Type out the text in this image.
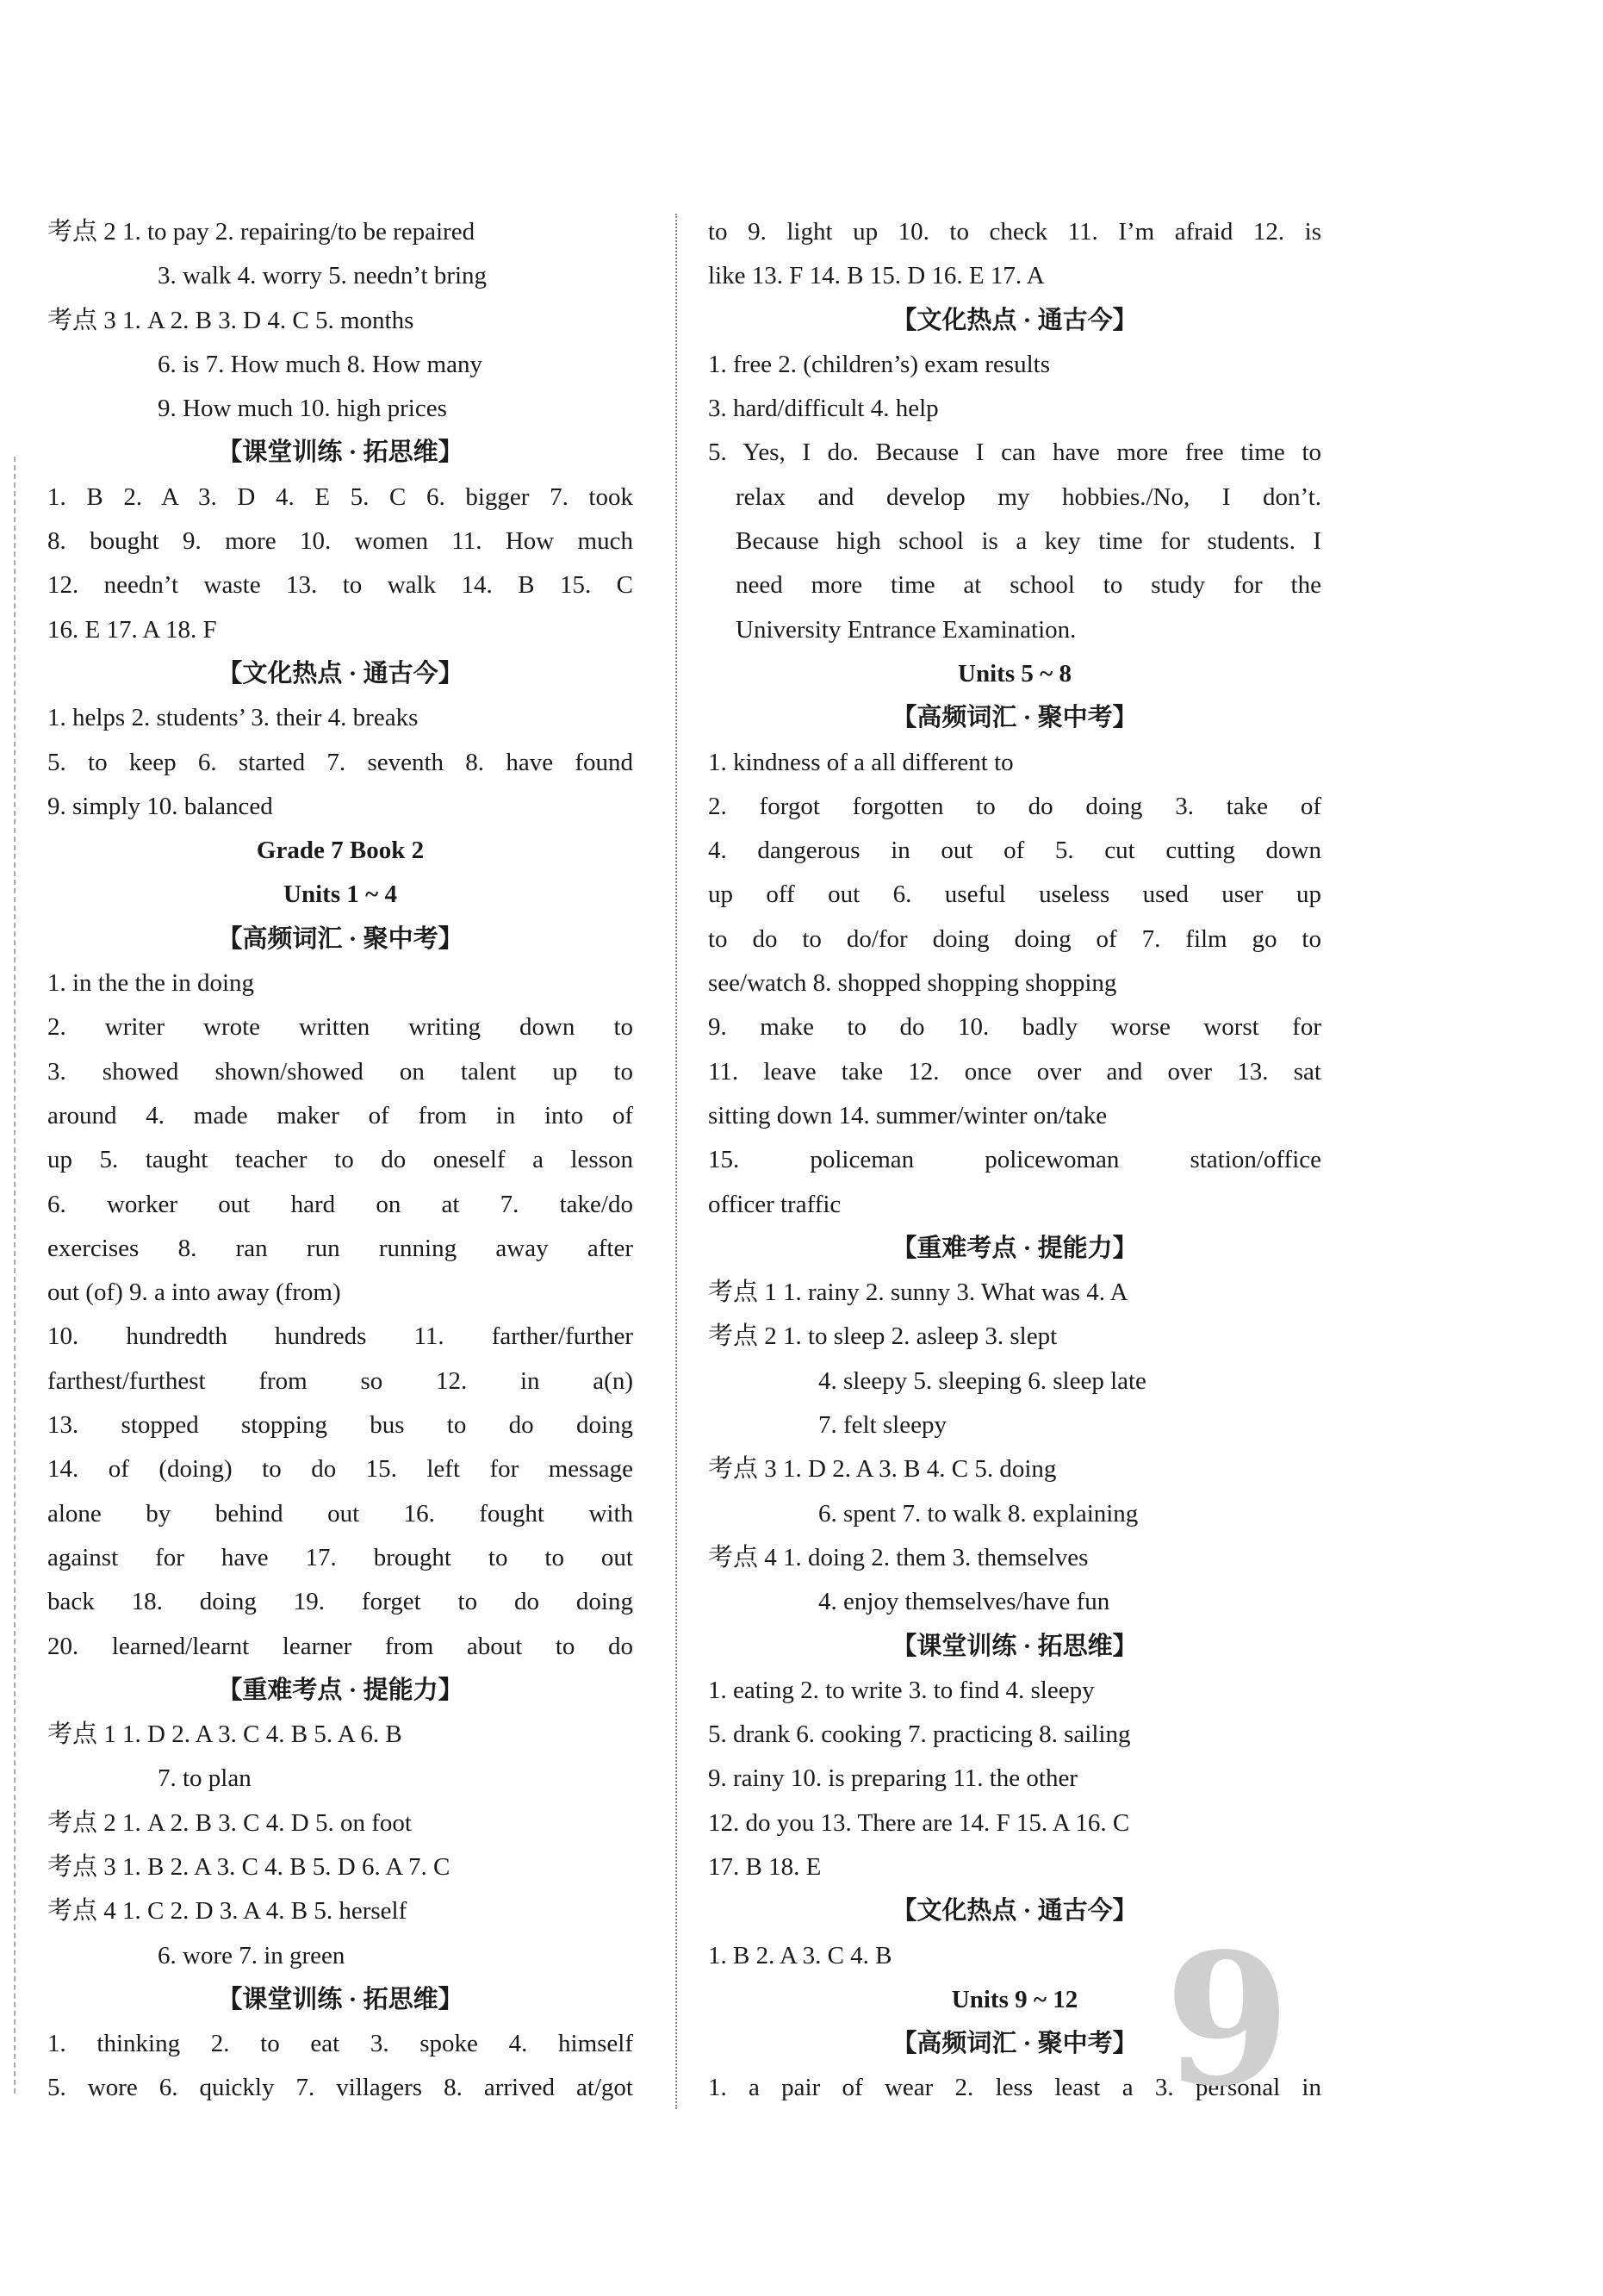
考点 2 1. to pay 2. repairing/to be repaired
3. walk 4. worry 5. needn’t bring
考点 3 1. A 2. B 3. D 4. C 5. months
6. is 7. How much 8. How many
9. How much 10. high prices
【课堂训练 · 拓思维】
1. B 2. A 3. D 4. E 5. C 6. bigger 7. took
8. bought 9. more 10. women 11. How much
12. needn’t waste 13. to walk 14. B 15. C
16. E 17. A 18. F
【文化热点 · 通古今】
1. helps 2. students’ 3. their 4. breaks
5. to keep 6. started 7. seventh 8. have found
9. simply 10. balanced
Grade 7 Book 2
Units 1 ~ 4
【高频词汇 · 聚中考】
1. in the the in doing
2. writer wrote written writing down to
3. showed shown/showed on talent up to
around 4. made maker of from in into of
up 5. taught teacher to do oneself a lesson
6. worker out hard on at 7. take/do
exercises 8. ran run running away after
out (of) 9. a into away (from)
10. hundredth hundreds 11. farther/further
farthest/furthest from so 12. in a(n)
13. stopped stopping bus to do doing
14. of (doing) to do 15. left for message
alone by behind out 16. fought with
against for have 17. brought to to out
back 18. doing 19. forget to do doing
20. learned/learnt learner from about to do
【重难考点 · 提能力】
考点 1 1. D 2. A 3. C 4. B 5. A 6. B
7. to plan
考点 2 1. A 2. B 3. C 4. D 5. on foot
考点 3 1. B 2. A 3. C 4. B 5. D 6. A 7. C
考点 4 1. C 2. D 3. A 4. B 5. herself
6. wore 7. in green
【课堂训练 · 拓思维】
1. thinking 2. to eat 3. spoke 4. himself
5. wore 6. quickly 7. villagers 8. arrived at/got
to 9. light up 10. to check 11. I’m afraid 12. is
like 13. F 14. B 15. D 16. E 17. A
【文化热点 · 通古今】
1. free 2. (children’s) exam results
3. hard/difficult 4. help
5. Yes, I do. Because I can have more free time to
relax and develop my hobbies./No, I don’t.
Because high school is a key time for students. I
need more time at school to study for the
University Entrance Examination.
Units 5 ~ 8
【高频词汇 · 聚中考】
1. kindness of a all different to
2. forgot forgotten to do doing 3. take of
4. dangerous in out of 5. cut cutting down
up off out 6. useful useless used user up
to do to do/for doing doing of 7. film go to
see/watch 8. shopped shopping shopping
9. make to do 10. badly worse worst for
11. leave take 12. once over and over 13. sat
sitting down 14. summer/winter on/take
15. policeman policewoman station/office
officer traffic
【重难考点 · 提能力】
考点 1 1. rainy 2. sunny 3. What was 4. A
考点 2 1. to sleep 2. asleep 3. slept
4. sleepy 5. sleeping 6. sleep late
7. felt sleepy
考点 3 1. D 2. A 3. B 4. C 5. doing
6. spent 7. to walk 8. explaining
考点 4 1. doing 2. them 3. themselves
4. enjoy themselves/have fun
【课堂训练 · 拓思维】
1. eating 2. to write 3. to find 4. sleepy
5. drank 6. cooking 7. practicing 8. sailing
9. rainy 10. is preparing 11. the other
12. do you 13. There are 14. F 15. A 16. C
17. B 18. E
【文化热点 · 通古今】
1. B 2. A 3. C 4. B
Units 9 ~ 12
【高频词汇 · 聚中考】
1. a pair of wear 2. less least a 3. personal in
9
